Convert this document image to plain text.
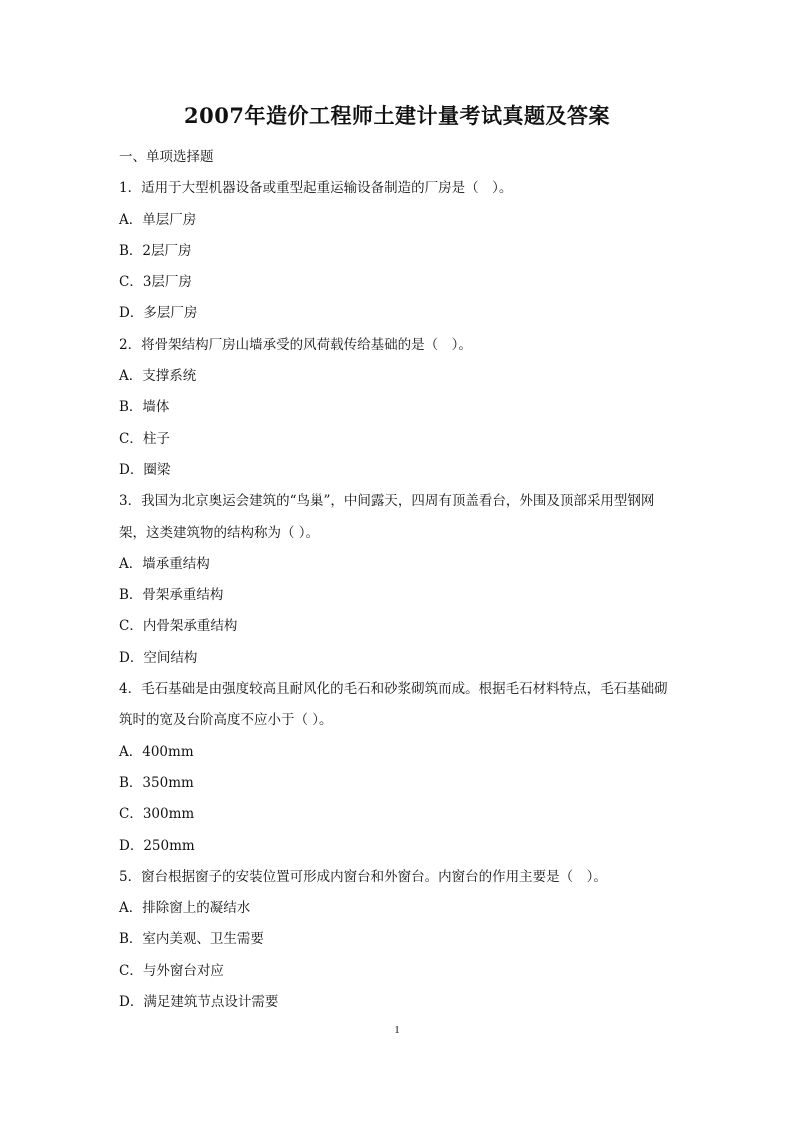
2007年造价工程师土建计量考试真题及答案
一、单项选择题
1．适用于大型机器设备或重型起重运输设备制造的厂房是（　）。
A．单层厂房
B．2层厂房
C．3层厂房
D．多层厂房
2．将骨架结构厂房山墙承受的风荷载传给基础的是（　）。
A．支撑系统
B．墙体
C．柱子
D．圈梁
3．我国为北京奥运会建筑的“鸟巢”，中间露天，四周有顶盖看台，外围及顶部采用型钢网架，这类建筑物的结构称为（ ）。
A．墙承重结构
B．骨架承重结构
C．内骨架承重结构
D．空间结构
4．毛石基础是由强度较高且耐风化的毛石和砂浆砌筑而成。根据毛石材料特点，毛石基础砌筑时的宽及台阶高度不应小于（ ）。
A．400mm
B．350mm
C．300mm
D．250mm
5．窗台根据窗子的安装位置可形成内窗台和外窗台。内窗台的作用主要是（　）。
A．排除窗上的凝结水
B．室内美观、卫生需要
C．与外窗台对应
D．满足建筑节点设计需要
1
